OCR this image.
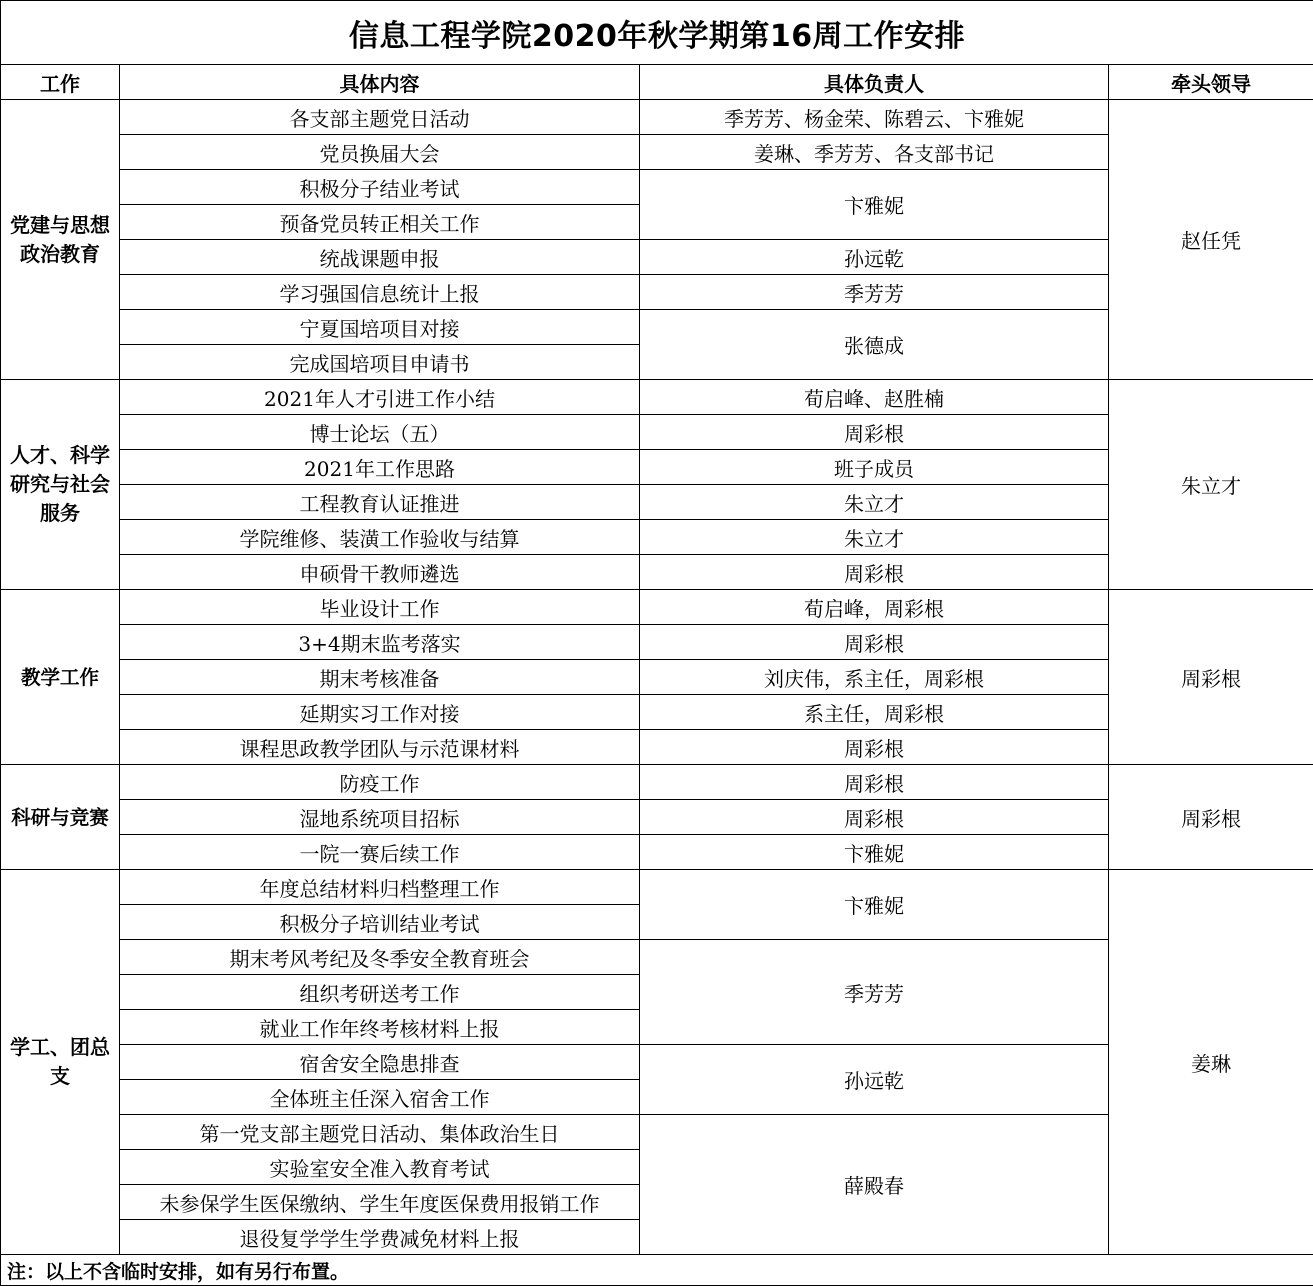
信息工程学院2020年秋学期第16周工作安排			
工作	具体内容	具体负责人	牵头领导
党建与思想政治教育	各支部主题党日活动	季芳芳、杨金荣、陈碧云、卞雅妮	赵任凭
	党员换届大会	姜琳、季芳芳、各支部书记	
	积极分子结业考试	卞雅妮	
	预备党员转正相关工作		
	统战课题申报	孙远乾	
	学习强国信息统计上报	季芳芳	
	宁夏国培项目对接	张德成	
	完成国培项目申请书		
人才、科学研究与社会服务	2021年人才引进工作小结	荀启峰、赵胜楠	朱立才
	博士论坛（五）	周彩根	
	2021年工作思路	班子成员	
	工程教育认证推进	朱立才	
	学院维修、装潢工作验收与结算	朱立才	
	申硕骨干教师遴选	周彩根	
教学工作	毕业设计工作	荀启峰，周彩根	周彩根
	3+4期末监考落实	周彩根	
	期末考核准备	刘庆伟，系主任，周彩根	
	延期实习工作对接	系主任，周彩根	
	课程思政教学团队与示范课材料	周彩根	
科研与竞赛	防疫工作	周彩根	周彩根
	湿地系统项目招标	周彩根	
	一院一赛后续工作	卞雅妮	
学工、团总支	年度总结材料归档整理工作	卞雅妮	姜琳
	积极分子培训结业考试		
	期末考风考纪及冬季安全教育班会	季芳芳	
	组织考研送考工作		
	就业工作年终考核材料上报		
	宿舍安全隐患排查	孙远乾	
	全体班主任深入宿舍工作		
	第一党支部主题党日活动、集体政治生日	薛殿春	
	实验室安全准入教育考试		
	未参保学生医保缴纳、学生年度医保费用报销工作		
	退役复学学生学费减免材料上报		
注：以上不含临时安排，如有另行布置。			
